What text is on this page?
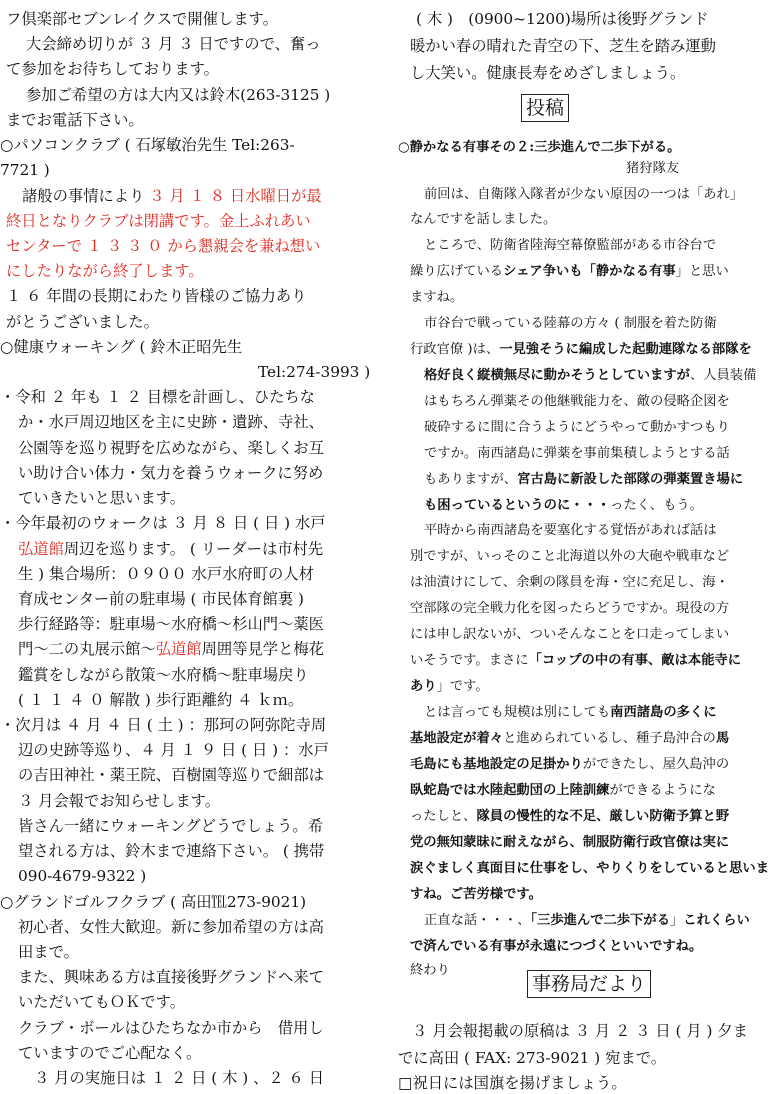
フ倶楽部セブンレイクスで開催します。
大会締め切りが ３ 月 ３ 日ですので、奮っ
て参加をお待ちしております。
参加ご希望の方は大内又は鈴木(263-3125 )
までお電話下さい。
○パソコンクラブ ( 石塚敏治先生 Tel:263-
7721 )
諸般の事情により ３ 月 １ ８ 日水曜日が最
終日となりクラブは閉講です。金上ふれあい
センターで １ ３ ３ ０ から懇親会を兼ね想い
にしたりながら終了します。
１ ６ 年間の長期にわたり皆様のご協力あり
がとうございました。
○健康ウォーキング ( 鈴木正昭先生
Tel:274-3993 )
・令和 ２ 年も １ ２ 目標を計画し、ひたちな
か・水戸周辺地区を主に史跡・遺跡、寺社、
公園等を巡り視野を広めながら、楽しくお互
い助け合い体力・気力を養うウォークに努め
ていきたいと思います。
・今年最初のウォークは ３ 月 ８ 日 ( 日 ) 水戸
弘道館周辺を巡ります。 ( リーダーは市村先
生 ) 集合場所：０９００ 水戸水府町の人材
育成センター前の駐車場 ( 市民体育館裏 )
歩行経路等：駐車場～水府橋～杉山門～薬医
門～二の丸展示館～弘道館周囲等見学と梅花
鑑賞をしながら散策～水府橋～駐車場戻り
( １ １ ４ ０ 解散 ) 歩行距離約 ４ ｋｍ。
・次月は ４ 月 ４ 日 ( 土 ) ：那珂の阿弥陀寺周
辺の史跡等巡り、４ 月 １ ９ 日 ( 日 ) ：水戸
の吉田神社・薬王院、百樹園等巡りで細部は
３ 月会報でお知らせします。
皆さん一緒にウォーキングどうでしょう。希
望される方は、鈴木まで連絡下さい。 ( 携帯
090-4679-9322 )
○グランドゴルフクラブ ( 高田℡273-9021)
初心者、女性大歓迎。新に参加希望の方は高
田まで。
また、興味ある方は直接後野グランドへ来て
いただいてもＯＫです。
クラブ・ボールはひたちなか市から　借用し
ていますのでご心配なく。
３ 月の実施日は １ ２ 日 ( 木 ) 、２ ６ 日
( 木 )　(0900~1200)場所は後野グランド
暖かい春の晴れた青空の下、芝生を踏み運動
し大笑い。健康長寿をめざしましょう。
○静かなる有事その２:三歩進んで二歩下がる。
猪狩隊友
前回は、自衛隊入隊者が少ない原因の一つは「あれ」
なんですを話しました。
ところで、防衛省陸海空幕僚監部がある市谷台で
繰り広げているシェア争いも「静かなる有事」と思い
ますね。
市谷台で戦っている陸幕の方々 ( 制服を着た防衛
行政官僚 )は、一見強そうに編成した起動連隊なる部隊を
格好良く縦横無尽に動かそうとしていますが、人員装備
はもちろん弾薬その他継戦能力を、敵の侵略企図を
破砕するに間に合うようにどうやって動かすつもり
ですか。南西諸島に弾薬を事前集積しようとする話
もありますが、宮古島に新設した部隊の弾薬置き場に
も困っているというのに・・・ったく、もう。
平時から南西諸島を要塞化する覚悟があれば話は
別ですが、いっそのこと北海道以外の大砲や戦車など
は油漬けにして、余剰の隊員を海・空に充足し、海・
空部隊の完全戦力化を図ったらどうですか。現役の方
には申し訳ないが、ついそんなことを口走ってしまい
いそうです。まさに「コップの中の有事、敵は本能寺に
あり」です。
とは言っても規模は別にしても南西諸島の多くに
基地設定が着々と進められているし、種子島沖合の馬
毛島にも基地設定の足掛かりができたし、屋久島沖の
臥蛇島では水陸起動団の上陸訓練ができるようにな
ったしと、隊員の慢性的な不足、厳しい防衛予算と野
党の無知蒙昧に耐えながら、制服防衛行政官僚は実に
涙ぐましく真面目に仕事をし、やりくりをしていると思いま
すね。ご苦労様です。
正直な話・・・、「三歩進んで二歩下がる」これくらい
で済んでいる有事が永遠につづくといいですね。
終わり
３ 月会報掲載の原稿は ３ 月 ２ ３ 日 ( 月 ) 夕ま
でに高田 ( FAX: 273-9021 ) 宛まで。
□祝日には国旗を揚げましょう。
投稿
事務局だより
